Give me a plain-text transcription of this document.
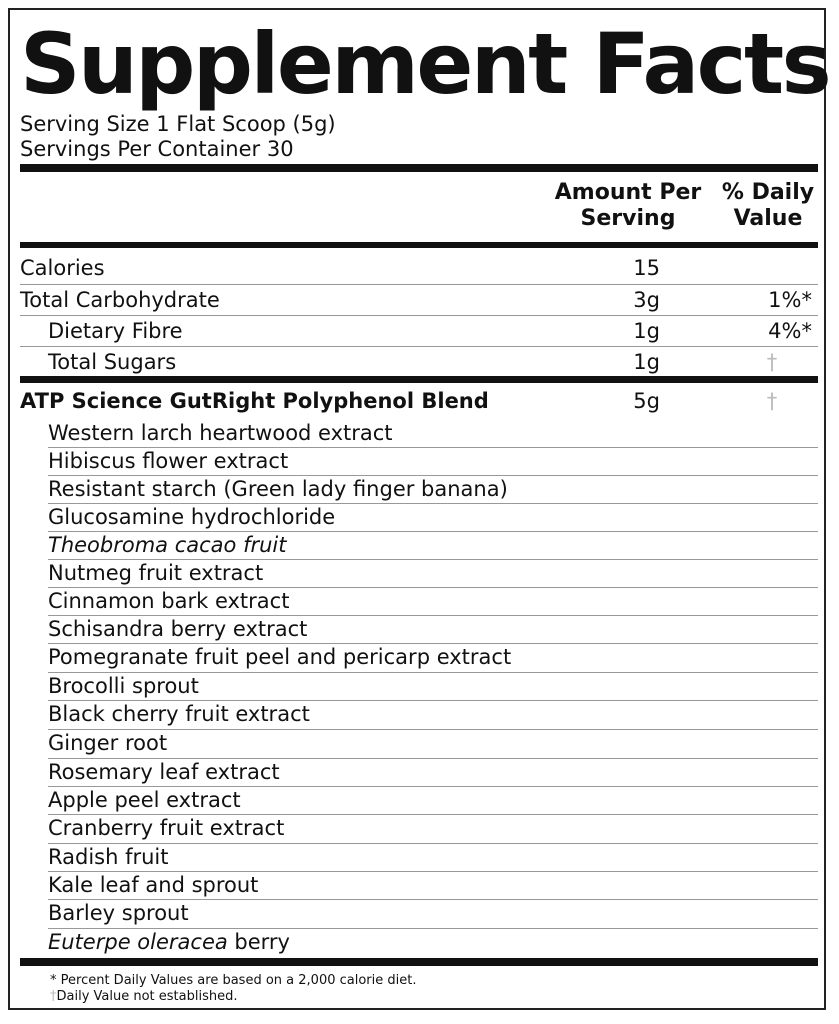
Supplement Facts
Serving Size 1 Flat Scoop (5g)
Servings Per Container 30
Amount Per
Serving
% Daily
Value
Calories	15
Total Carbohydrate	3g	1%*
Dietary Fibre	1g	4%*
Total Sugars	1g	†
ATP Science GutRight Polyphenol Blend	5g	†
Western larch heartwood extract
Hibiscus flower extract
Resistant starch (Green lady finger banana)
Glucosamine hydrochloride
Theobroma cacao fruit
Nutmeg fruit extract
Cinnamon bark extract
Schisandra berry extract
Pomegranate fruit peel and pericarp extract
Brocolli sprout
Black cherry fruit extract
Ginger root
Rosemary leaf extract
Apple peel extract
Cranberry fruit extract
Radish fruit
Kale leaf and sprout
Barley sprout
Euterpe oleracea berry
* Percent Daily Values are based on a 2,000 calorie diet.
†Daily Value not established.
